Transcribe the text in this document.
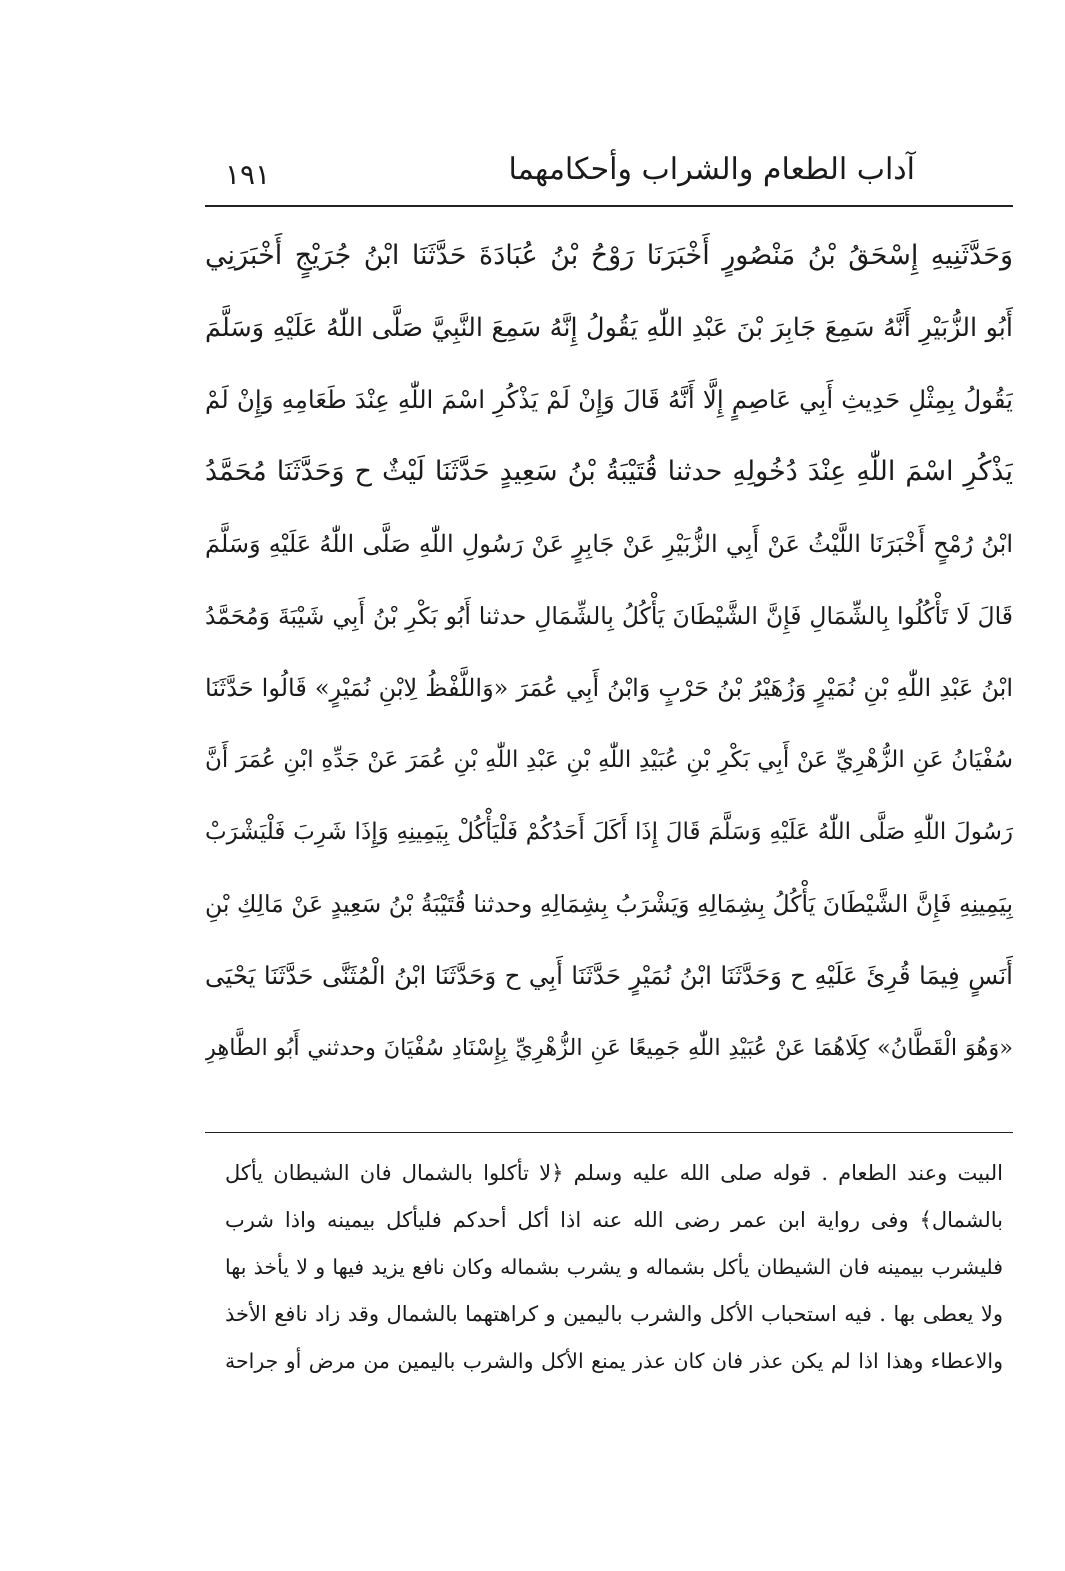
١٩١	آداب الطعام والشراب وأحكامهما
وَحَدَّثَنِيهِ إِسْحَقُ بْنُ مَنْصُورٍ أَخْبَرَنَا رَوْحُ بْنُ عُبَادَةَ حَدَّثَنَا ابْنُ جُرَيْجٍ أَخْبَرَنِي
أَبُو الزُّبَيْرِ أَنَّهُ سَمِعَ جَابِرَ بْنَ عَبْدِ اللّٰهِ يَقُولُ إِنَّهُ سَمِعَ النَّبِيَّ صَلَّى اللّٰهُ عَلَيْهِ وَسَلَّمَ
يَقُولُ بِمِثْلِ حَدِيثِ أَبِي عَاصِمٍ إِلَّا أَنَّهُ قَالَ وَإِنْ لَمْ يَذْكُرِ اسْمَ اللّٰهِ عِنْدَ طَعَامِهِ وَإِنْ لَمْ
يَذْكُرِ اسْمَ اللّٰهِ عِنْدَ دُخُولِهِ حدثنا قُتَيْبَةُ بْنُ سَعِيدٍ حَدَّثَنَا لَيْثٌ ح وَحَدَّثَنَا مُحَمَّدُ
ابْنُ رُمْحٍ أَخْبَرَنَا اللَّيْثُ عَنْ أَبِي الزُّبَيْرِ عَنْ جَابِرٍ عَنْ رَسُولِ اللّٰهِ صَلَّى اللّٰهُ عَلَيْهِ وَسَلَّمَ
قَالَ لَا تَأْكُلُوا بِالشِّمَالِ فَإِنَّ الشَّيْطَانَ يَأْكُلُ بِالشِّمَالِ حدثنا أَبُو بَكْرِ بْنُ أَبِي شَيْبَةَ وَمُحَمَّدُ
ابْنُ عَبْدِ اللّٰهِ بْنِ نُمَيْرٍ وَزُهَيْرُ بْنُ حَرْبٍ وَابْنُ أَبِي عُمَرَ «وَاللَّفْظُ لِابْنِ نُمَيْرٍ» قَالُوا حَدَّثَنَا
سُفْيَانُ عَنِ الزُّهْرِيِّ عَنْ أَبِي بَكْرِ بْنِ عُبَيْدِ اللّٰهِ بْنِ عَبْدِ اللّٰهِ بْنِ عُمَرَ عَنْ جَدِّهِ ابْنِ عُمَرَ أَنَّ
رَسُولَ اللّٰهِ صَلَّى اللّٰهُ عَلَيْهِ وَسَلَّمَ قَالَ إِذَا أَكَلَ أَحَدُكُمْ فَلْيَأْكُلْ بِيَمِينِهِ وَإِذَا شَرِبَ فَلْيَشْرَبْ
بِيَمِينِهِ فَإِنَّ الشَّيْطَانَ يَأْكُلُ بِشِمَالِهِ وَيَشْرَبُ بِشِمَالِهِ وحدثنا قُتَيْبَةُ بْنُ سَعِيدٍ عَنْ مَالِكِ بْنِ
أَنَسٍ فِيمَا قُرِئَ عَلَيْهِ ح وَحَدَّثَنَا ابْنُ نُمَيْرٍ حَدَّثَنَا أَبِي ح وَحَدَّثَنَا ابْنُ الْمُثَنَّى حَدَّثَنَا يَحْيَى
«وَهُوَ الْقَطَّانُ» كِلَاهُمَا عَنْ عُبَيْدِ اللّٰهِ جَمِيعًا عَنِ الزُّهْرِيِّ بِإِسْنَادِ سُفْيَانَ وحدثني أَبُو الطَّاهِرِ
البيت وعند الطعام . قوله صلى الله عليه وسلم ﴿لا تأكلوا بالشمال فان الشيطان يأكل
بالشمال﴾ وفى رواية ابن عمر رضى الله عنه اذا أكل أحدكم فليأكل بيمينه واذا شرب
فليشرب بيمينه فان الشيطان يأكل بشماله و يشرب بشماله وكان نافع يزيد فيها و لا يأخذ بها
ولا يعطى بها . فيه استحباب الأكل والشرب باليمين و كراهتهما بالشمال وقد زاد نافع الأخذ
والاعطاء وهذا اذا لم يكن عذر فان كان عذر يمنع الأكل والشرب باليمين من مرض أو جراحة
